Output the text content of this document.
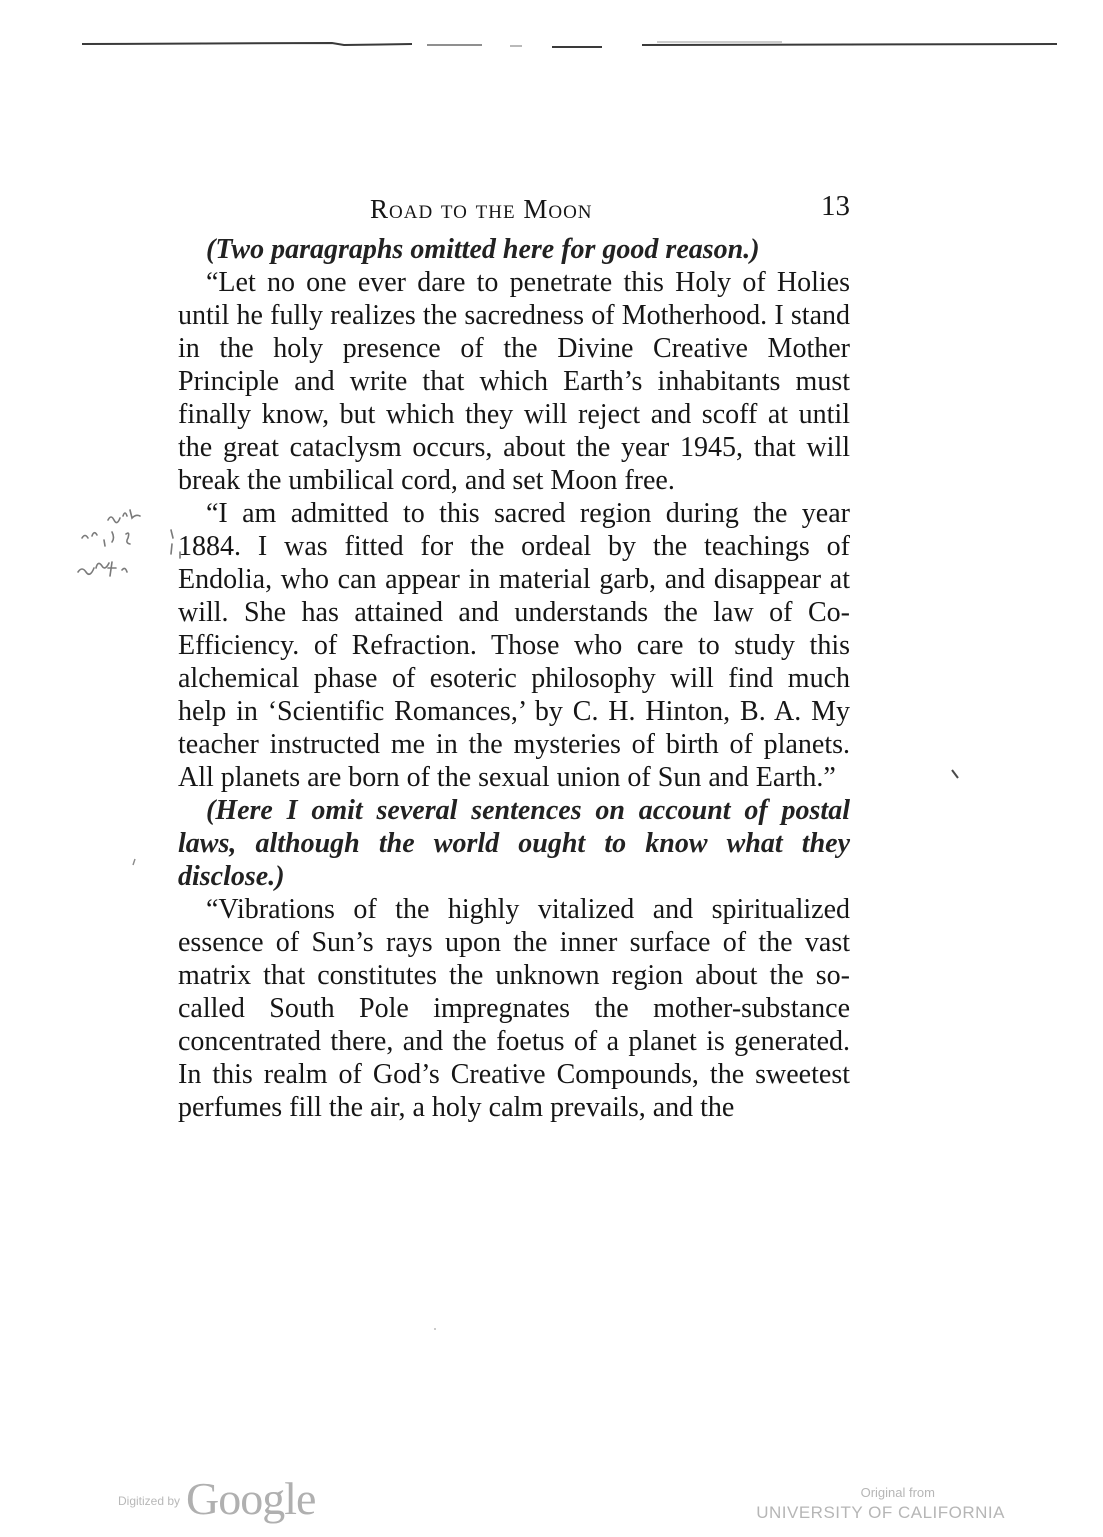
Road to the Moon	13

(Two paragraphs omitted here for good reason.)

“Let no one ever dare to penetrate this Holy of Holies until he fully realizes the sacredness of Motherhood. I stand in the holy presence of the Divine Creative Mother Principle and write that which Earth’s inhabitants must finally know, but which they will reject and scoff at until the great cataclysm occurs, about the year 1945, that will break the umbilical cord, and set Moon free.

“I am admitted to this sacred region during the year 1884. I was fitted for the ordeal by the teachings of Endolia, who can appear in material garb, and disappear at will. She has attained and understands the law of Co-Efficiency. of Refraction. Those who care to study this alchemical phase of esoteric philosophy will find much help in ‘Scientific Romances,’ by C. H. Hinton, B. A. My teacher instructed me in the mysteries of birth of planets. All planets are born of the sexual union of Sun and Earth.”

(Here I omit several sentences on account of postal laws, although the world ought to know what they disclose.)

“Vibrations of the highly vitalized and spiritualized essence of Sun’s rays upon the inner surface of the vast matrix that constitutes the unknown region about the so-called South Pole impregnates the mother-substance concentrated there, and the foetus of a planet is generated. In this realm of God’s Creative Compounds, the sweetest perfumes fill the air, a holy calm prevails, and the

Digitized by Google	Original from
UNIVERSITY OF CALIFORNIA
